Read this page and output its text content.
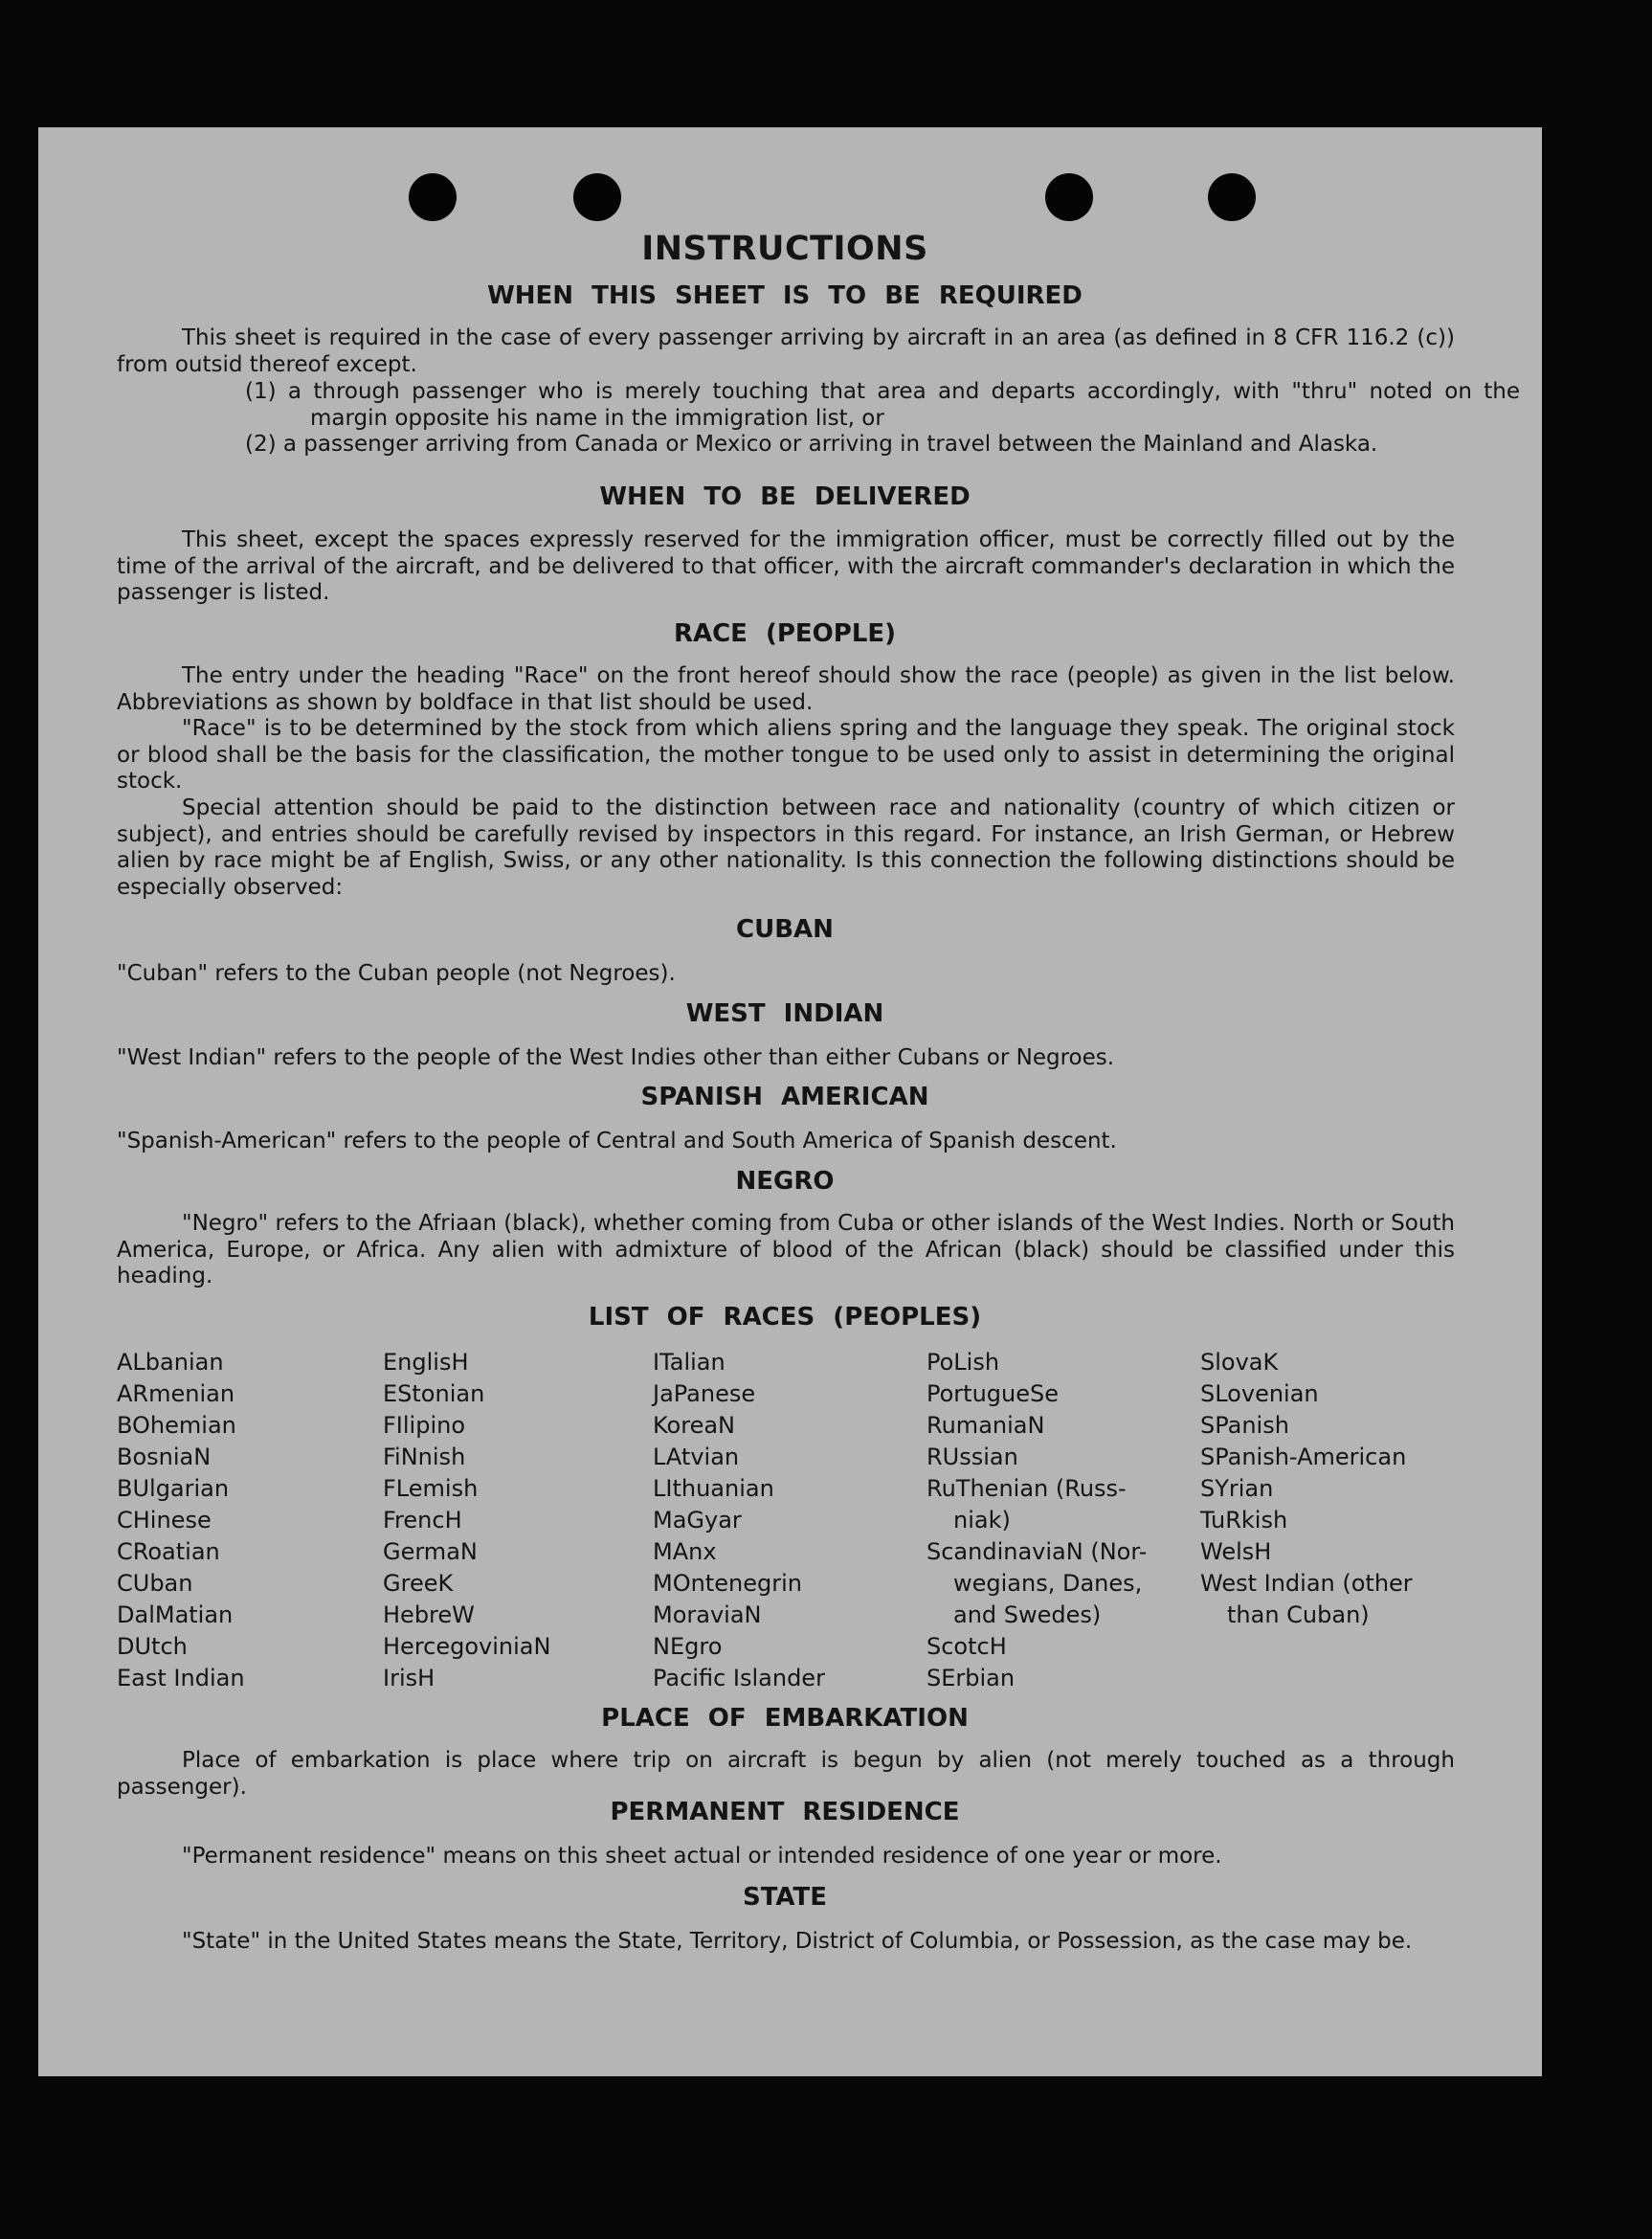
INSTRUCTIONS
WHEN THIS SHEET IS TO BE REQUIRED

This sheet is required in the case of every passenger arriving by aircraft in an area (as defined in 8 CFR 116.2 (c)) from outsid thereof except.

(1) a through passenger who is merely touching that area and departs accordingly, with "thru" noted on the margin opposite his name in the immigration list, or

(2) a passenger arriving from Canada or Mexico or arriving in travel between the Mainland and Alaska.

WHEN TO BE DELIVERED

This sheet, except the spaces expressly reserved for the immigration officer, must be correctly filled out by the time of the arrival of the aircraft, and be delivered to that officer, with the aircraft commander's declaration in which the passenger is listed.

RACE (PEOPLE)

The entry under the heading "Race" on the front hereof should show the race (people) as given in the list below. Abbreviations as shown by boldface in that list should be used.

"Race" is to be determined by the stock from which aliens spring and the language they speak. The original stock or blood shall be the basis for the classification, the mother tongue to be used only to assist in determining the original stock.

Special attention should be paid to the distinction between race and nationality (country of which citizen or subject), and entries should be carefully revised by inspectors in this regard. For instance, an Irish German, or Hebrew alien by race might be af English, Swiss, or any other nationality. Is this connection the following distinctions should be especially observed:

CUBAN

"Cuban" refers to the Cuban people (not Negroes).

WEST INDIAN

"West Indian" refers to the people of the West Indies other than either Cubans or Negroes.

SPANISH AMERICAN

"Spanish-American" refers to the people of Central and South America of Spanish descent.

NEGRO

"Negro" refers to the Afriaan (black), whether coming from Cuba or other islands of the West Indies. North or South America, Europe, or Africa. Any alien with admixture of blood of the African (black) should be classified under this heading.

LIST OF RACES (PEOPLES)
ALbanian
ARmenian
BOhemian
BosniaN
BUlgarian
CHinese
CRoatian
CUban
DalMatian
DUtch
East Indian
EnglisH
EStonian
FIlipino
FiNnish
FLemish
FrencH
GermaN
GreeK
HebreW
HercegoviniaN
IrisH
ITalian
JaPanese
KoreaN
LAtvian
LIthuanian
MaGyar
MAnx
MOntenegrin
MoraviaN
NEgro
Pacific Islander
PoLish
PortugueSe
RumaniaN
RUssian
RuThenian (Russ-
niak)
ScandinaviaN (Nor-
wegians, Danes,
and Swedes)
ScotcH
SErbian
SlovaK
SLovenian
SPanish
SPanish-American
SYrian
TuRkish
WelsH
West Indian (other
than Cuban)
PLACE OF EMBARKATION

Place of embarkation is place where trip on aircraft is begun by alien (not merely touched as a through passenger).

PERMANENT RESIDENCE

"Permanent residence" means on this sheet actual or intended residence of one year or more.

STATE

"State" in the United States means the State, Territory, District of Columbia, or Possession, as the case may be.
